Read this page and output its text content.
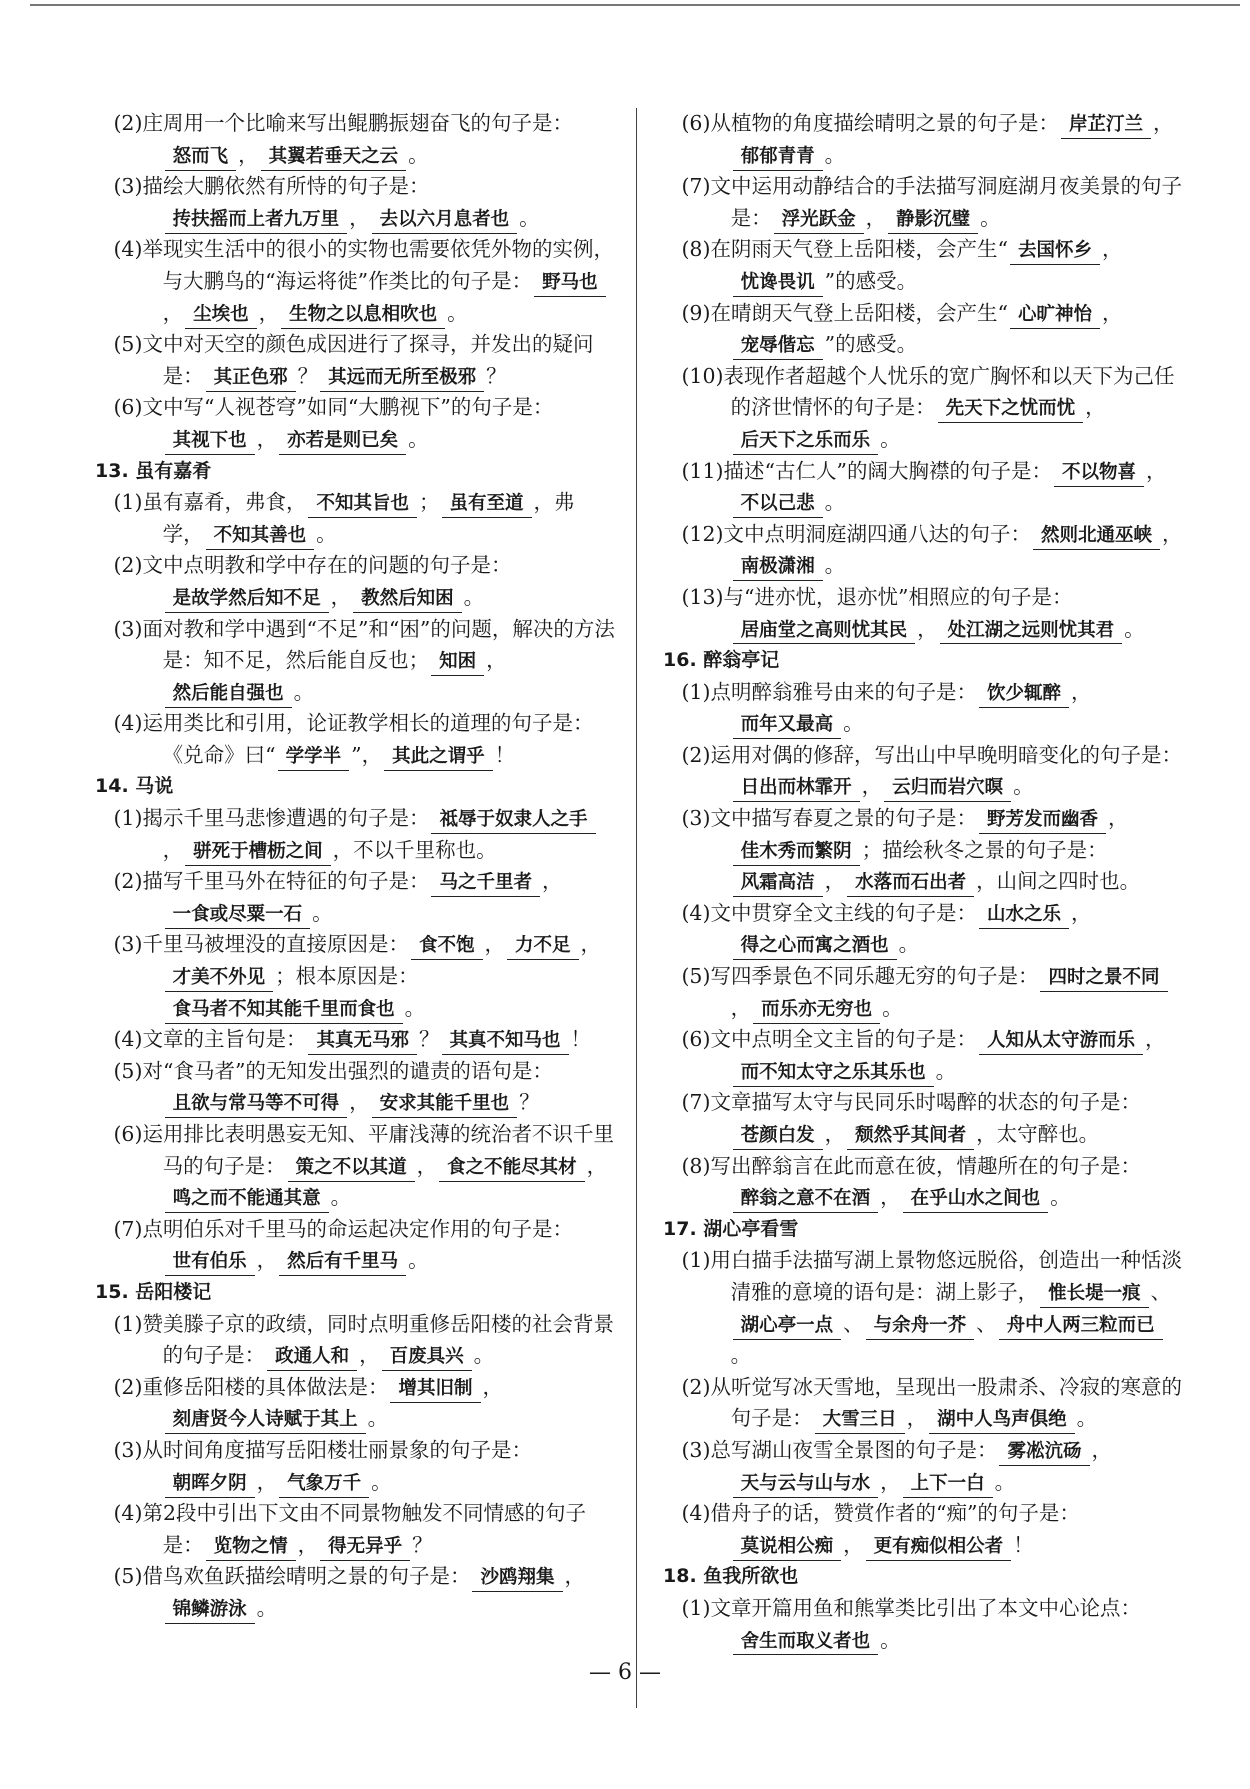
(2)庄周用一个比喻来写出鲲鹏振翅奋飞的句子是：怒而飞 ， 其翼若垂天之云 。
(3)描绘大鹏依然有所恃的句子是：抟扶摇而上者九万里 ， 去以六月息者也 。
(4)举现实生活中的很小的实物也需要依凭外物的实例，与大鹏鸟的“海运将徙”作类比的句子是： 野马也， 尘埃也 ， 生物之以息相吹也 。
(5)文中对天空的颜色成因进行了探寻，并发出的疑问是： 其正色邪 ？ 其远而无所至极邪 ？
(6)文中写“人视苍穹”如同“大鹏视下”的句子是：其视下也 ， 亦若是则已矣 。
13. 虽有嘉肴
(1)虽有嘉肴，弗食， 不知其旨也 ； 虽有至道 ，弗学， 不知其善也 。
(2)文中点明教和学中存在的问题的句子是：是故学然后知不足 ， 教然后知困 。
(3)面对教和学中遇到“不足”和“困”的问题，解决的方法是：知不足，然后能自反也； 知困 ，然后能自强也 。
(4)运用类比和引用，论证教学相长的道理的句子是：《兑命》曰“ 学学半 ”， 其此之谓乎 ！
14. 马说
(1)揭示千里马悲惨遭遇的句子是： 祗辱于奴隶人之手， 骈死于槽枥之间 ，不以千里称也。
(2)描写千里马外在特征的句子是： 马之千里者 ，一食或尽粟一石 。
(3)千里马被埋没的直接原因是： 食不饱 ， 力不足 ，才美不外见 ；根本原因是：食马者不知其能千里而食也 。
(4)文章的主旨句是： 其真无马邪 ？ 其真不知马也 ！
(5)对“食马者”的无知发出强烈的谴责的语句是：且欲与常马等不可得 ， 安求其能千里也 ？
(6)运用排比表明愚妄无知、平庸浅薄的统治者不识千里马的句子是： 策之不以其道 ， 食之不能尽其材 ，鸣之而不能通其意 。
(7)点明伯乐对千里马的命运起决定作用的句子是：世有伯乐 ， 然后有千里马 。
15. 岳阳楼记
(1)赞美滕子京的政绩，同时点明重修岳阳楼的社会背景的句子是： 政通人和 ， 百废具兴 。
(2)重修岳阳楼的具体做法是： 增其旧制 ，刻唐贤今人诗赋于其上 。
(3)从时间角度描写岳阳楼壮丽景象的句子是：朝晖夕阴 ， 气象万千 。
(4)第2段中引出下文由不同景物触发不同情感的句子是： 览物之情 ， 得无异乎 ？
(5)借鸟欢鱼跃描绘晴明之景的句子是： 沙鸥翔集 ，锦鳞游泳 。
(6)从植物的角度描绘晴明之景的句子是： 岸芷汀兰 ，郁郁青青 。
(7)文中运用动静结合的手法描写洞庭湖月夜美景的句子是： 浮光跃金 ， 静影沉璧 。
(8)在阴雨天气登上岳阳楼，会产生“ 去国怀乡 ，忧谗畏讥 ”的感受。
(9)在晴朗天气登上岳阳楼，会产生“ 心旷神怡 ，宠辱偕忘 ”的感受。
(10)表现作者超越个人忧乐的宽广胸怀和以天下为己任的济世情怀的句子是： 先天下之忧而忧 ，后天下之乐而乐 。
(11)描述“古仁人”的阔大胸襟的句子是： 不以物喜 ，不以己悲 。
(12)文中点明洞庭湖四通八达的句子： 然则北通巫峡 ，南极潇湘 。
(13)与“进亦忧，退亦忧”相照应的句子是：居庙堂之高则忧其民 ， 处江湖之远则忧其君 。
16. 醉翁亭记
(1)点明醉翁雅号由来的句子是： 饮少辄醉 ，而年又最高 。
(2)运用对偶的修辞，写出山中早晚明暗变化的句子是：日出而林霏开 ， 云归而岩穴暝 。
(3)文中描写春夏之景的句子是： 野芳发而幽香 ，佳木秀而繁阴 ；描绘秋冬之景的句子是：风霜高洁 ， 水落而石出者 ，山间之四时也。
(4)文中贯穿全文主线的句子是： 山水之乐 ，得之心而寓之酒也 。
(5)写四季景色不同乐趣无穷的句子是： 四时之景不同， 而乐亦无穷也 。
(6)文中点明全文主旨的句子是： 人知从太守游而乐 ，而不知太守之乐其乐也 。
(7)文章描写太守与民同乐时喝醉的状态的句子是：苍颜白发 ， 颓然乎其间者 ，太守醉也。
(8)写出醉翁言在此而意在彼，情趣所在的句子是：醉翁之意不在酒 ， 在乎山水之间也 。
17. 湖心亭看雪
(1)用白描手法描写湖上景物悠远脱俗，创造出一种恬淡清雅的意境的语句是：湖上影子， 惟长堤一痕 、湖心亭一点 、 与余舟一芥 、 舟中人两三粒而已。
(2)从听觉写冰天雪地，呈现出一股肃杀、冷寂的寒意的句子是： 大雪三日 ， 湖中人鸟声俱绝 。
(3)总写湖山夜雪全景图的句子是： 雾凇沆砀 ，天与云与山与水 ， 上下一白 。
(4)借舟子的话，赞赏作者的“痴”的句子是：莫说相公痴 ， 更有痴似相公者 ！
18. 鱼我所欲也
(1)文章开篇用鱼和熊掌类比引出了本文中心论点：舍生而取义者也 。
— 6 —
